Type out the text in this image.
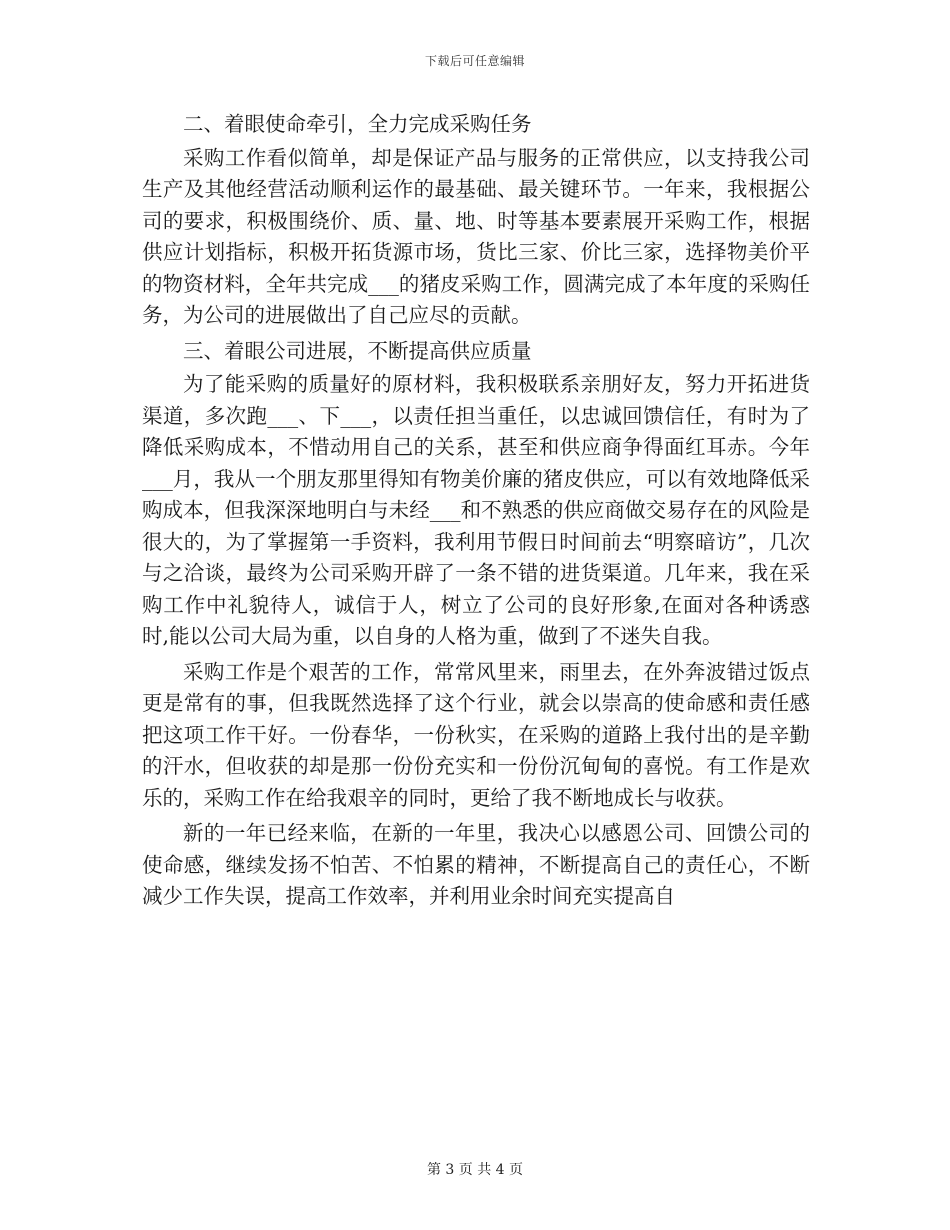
下载后可任意编辑

二、着眼使命牵引，全力完成采购任务

采购工作看似简单，却是保证产品与服务的正常供应，以支持我公司生产及其他经营活动顺利运作的最基础、最关键环节。一年来，我根据公司的要求，积极围绕价、质、量、地、时等基本要素展开采购工作，根据供应计划指标，积极开拓货源市场，货比三家、价比三家，选择物美价平的物资材料，全年共完成___的猪皮采购工作，圆满完成了本年度的采购任务，为公司的进展做出了自己应尽的贡献。

三、着眼公司进展，不断提高供应质量

为了能采购的质量好的原材料，我积极联系亲朋好友，努力开拓进货渠道，多次跑___、下___，以责任担当重任，以忠诚回馈信任，有时为了降低采购成本，不惜动用自己的关系，甚至和供应商争得面红耳赤。今年___月，我从一个朋友那里得知有物美价廉的猪皮供应，可以有效地降低采购成本，但我深深地明白与未经___和不熟悉的供应商做交易存在的风险是很大的，为了掌握第一手资料，我利用节假日时间前去“明察暗访”，几次与之洽谈，最终为公司采购开辟了一条不错的进货渠道。几年来，我在采购工作中礼貌待人，诚信于人，树立了公司的良好形象,在面对各种诱惑时,能以公司大局为重，以自身的人格为重，做到了不迷失自我。

采购工作是个艰苦的工作，常常风里来，雨里去，在外奔波错过饭点更是常有的事，但我既然选择了这个行业，就会以崇高的使命感和责任感把这项工作干好。一份春华，一份秋实，在采购的道路上我付出的是辛勤的汗水，但收获的却是那一份份充实和一份份沉甸甸的喜悦。有工作是欢乐的，采购工作在给我艰辛的同时，更给了我不断地成长与收获。

新的一年已经来临，在新的一年里，我决心以感恩公司、回馈公司的使命感，继续发扬不怕苦、不怕累的精神，不断提高自己的责任心，不断减少工作失误，提高工作效率，并利用业余时间充实提高自

第 3 页 共 4 页
